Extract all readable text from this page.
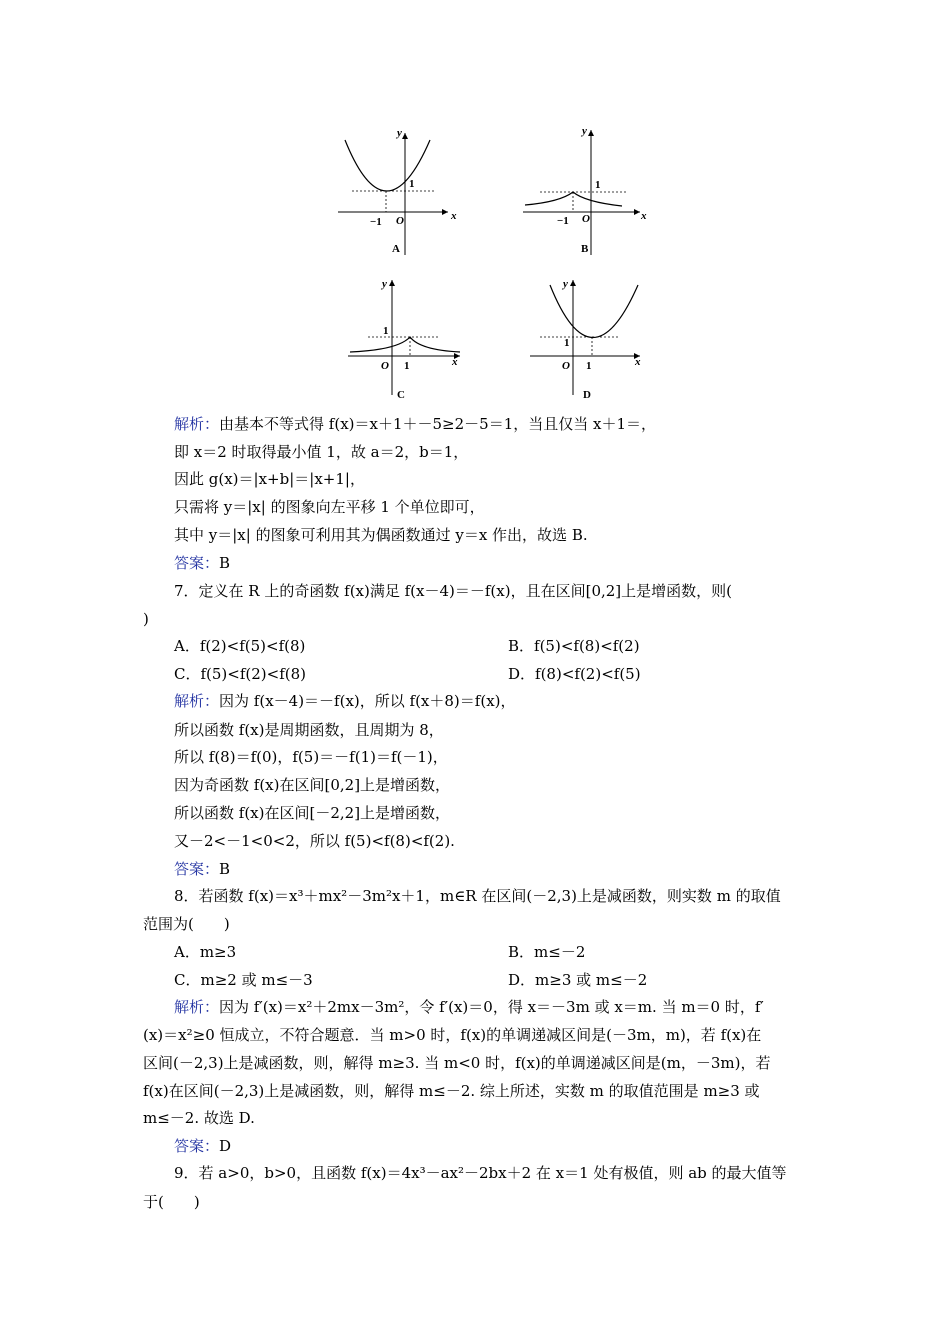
y
x
O
1
−1
A
y
x
O
1
−1
B
y
x
O
1
1
C
y
x
O
1
1
D
解析：由基本不等式得 f(x)＝x＋1＋－5≥2－5＝1，当且仅当 x＋1＝，
即 x＝2 时取得最小值 1，故 a＝2，b＝1，
因此 g(x)＝|x+b|＝|x+1|，
只需将 y＝|x| 的图象向左平移 1 个单位即可，
其中 y＝|x| 的图象可利用其为偶函数通过 y＝x 作出，故选 B.
答案：B
7．定义在 R 上的奇函数 f(x)满足 f(x－4)＝－f(x)，且在区间[0,2]上是增函数，则(
)
A．f(2)<f(5)<f(8)	B．f(5)<f(8)<f(2)
C．f(5)<f(2)<f(8)	D．f(8)<f(2)<f(5)
解析：因为 f(x－4)＝－f(x)，所以 f(x＋8)＝f(x)，
所以函数 f(x)是周期函数，且周期为 8，
所以 f(8)＝f(0)，f(5)＝－f(1)＝f(－1)，
因为奇函数 f(x)在区间[0,2]上是增函数，
所以函数 f(x)在区间[－2,2]上是增函数，
又－2<－1<0<2，所以 f(5)<f(8)<f(2).
答案：B
8．若函数 f(x)＝x³＋mx²－3m²x＋1，m∈R 在区间(－2,3)上是减函数，则实数 m 的取值
范围为(　　)
A．m≥3	B．m≤－2
C．m≥2 或 m≤－3	D．m≥3 或 m≤－2
解析：因为 f′(x)＝x²＋2mx－3m²，令 f′(x)＝0，得 x＝－3m 或 x＝m. 当 m＝0 时，f′
(x)＝x²≥0 恒成立，不符合题意．当 m>0 时，f(x)的单调递减区间是(－3m，m)，若 f(x)在
区间(－2,3)上是减函数，则，解得 m≥3. 当 m<0 时，f(x)的单调递减区间是(m，－3m)，若
f(x)在区间(－2,3)上是减函数，则，解得 m≤－2. 综上所述，实数 m 的取值范围是 m≥3 或
m≤－2. 故选 D.
答案：D
9．若 a>0，b>0，且函数 f(x)＝4x³－ax²－2bx＋2 在 x＝1 处有极值，则 ab 的最大值等
于(　　)
